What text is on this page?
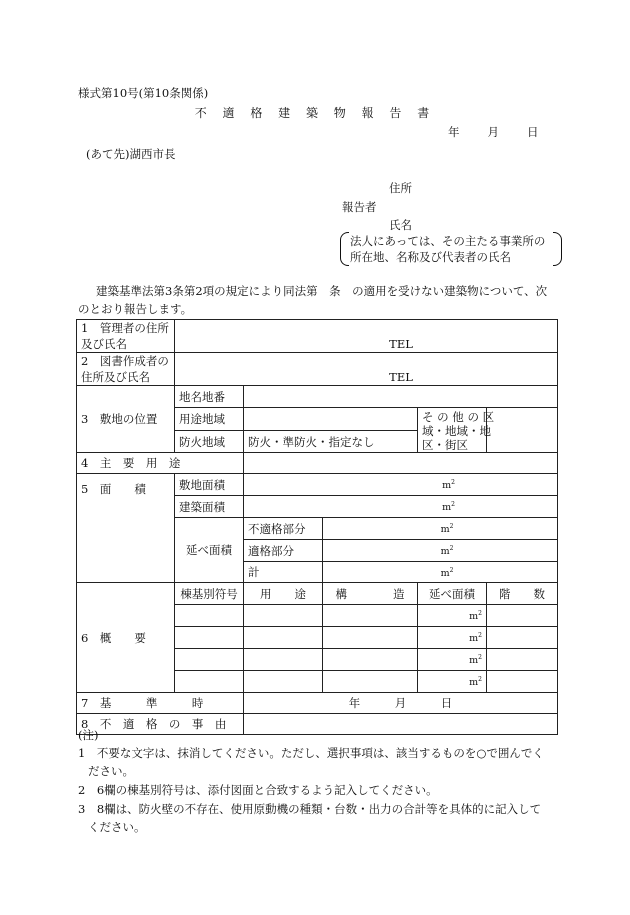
様式第10号(第10条関係)
不 適 格 建 築 物 報 告 書
年 月 日
(あて先)湖西市長
住所
報告者
氏名
法人にあっては、その主たる事業所の
所在地、名称及び代表者の氏名
建築基準法第3条第2項の規定により同法第　条　の適用を受けない建築物について、次
のとおり報告します。
1　管理者の住所
及び氏名	TEL				

2　図書作成者の
住所及び氏名	TEL				

3　敷地の位置	地名地番				
	用途地域			そ の 他 の 区
域・地域・地
区・街区	

	防火地域	防火・準防火・指定なし			
4　主　要　用　途					
5　面　　積	敷地面積	$m^2$
	建築面積	$m^2$
	延べ面積	不適格部分	$m^2$
		適格部分	$m^2$
		計	$m^2$
6　概　　要	棟基別符号	用　　途	構　　　　造	延べ面積	階　　数
				$m^2$	
				$m^2$	
				$m^2$	
				$m^2$	
7　基　　　準　　　時		年　　　月　　　日			
8　不　適　格　の　事　由					
(注)
1　不要な文字は、抹消してください。ただし、選択事項は、該当するものを○で囲んでく
ださい。
2　6欄の棟基別符号は、添付図面と合致するよう記入してください。
3　8欄は、防火壁の不存在、使用原動機の種類・台数・出力の合計等を具体的に記入して
ください。
